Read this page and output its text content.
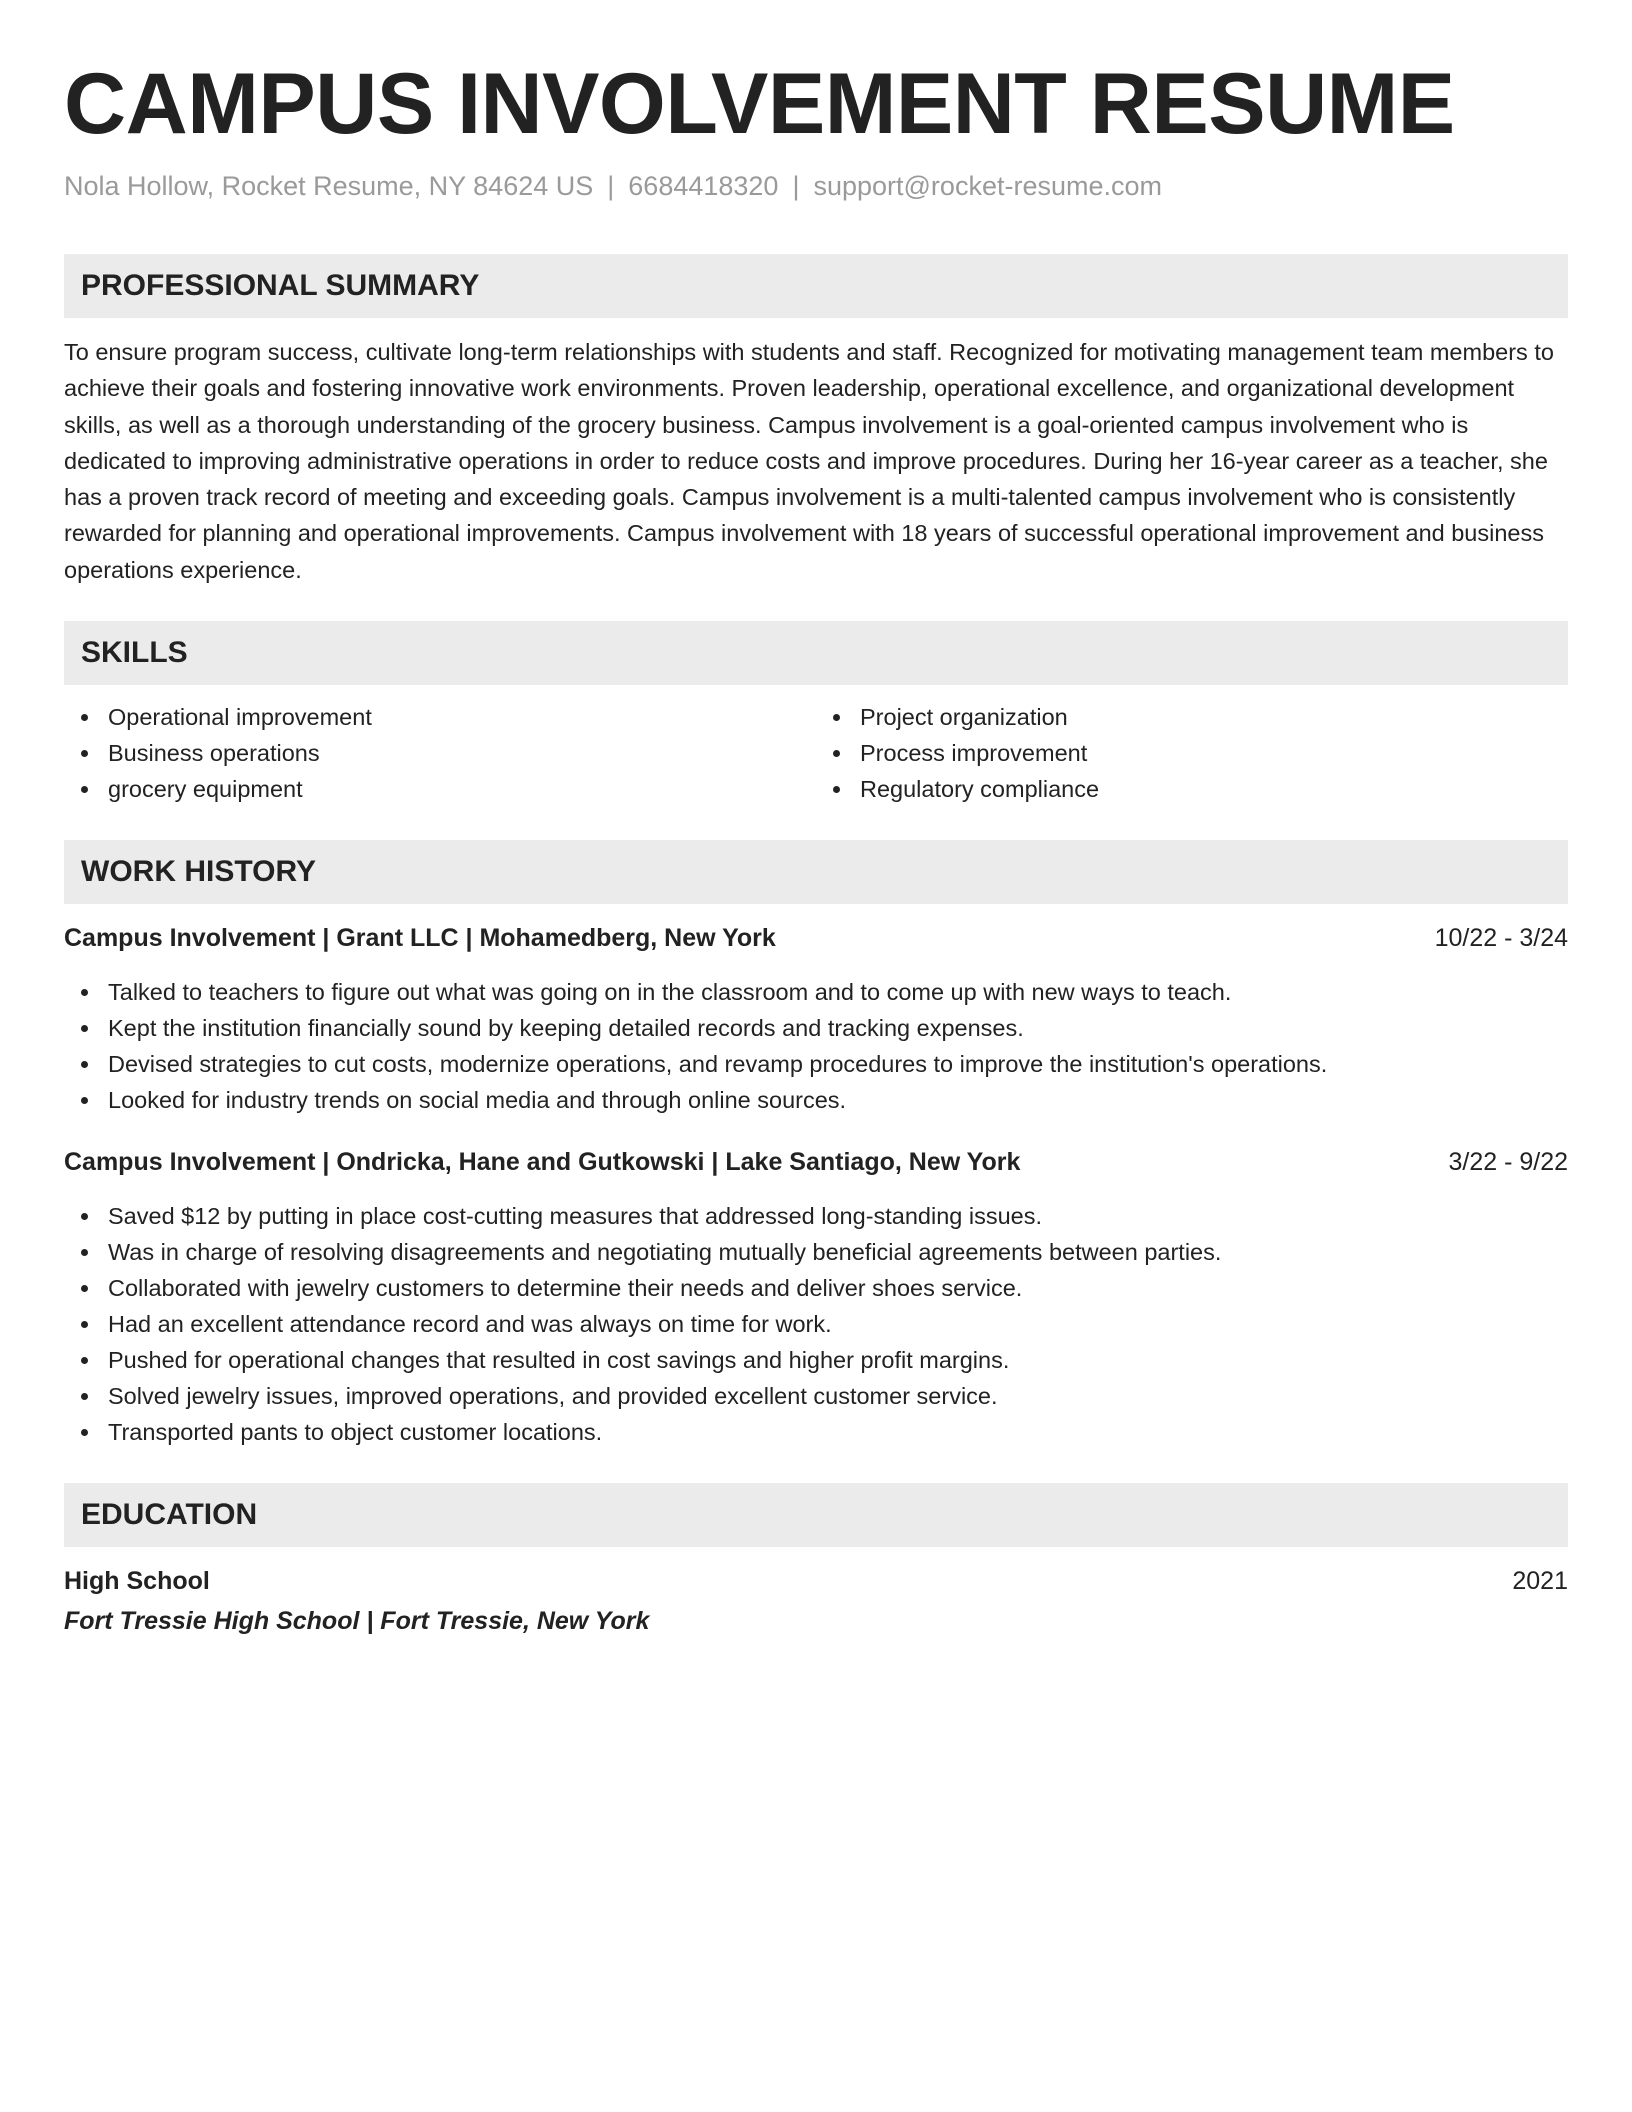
CAMPUS INVOLVEMENT RESUME
Nola Hollow, Rocket Resume, NY 84624 US | 6684418320 | support@rocket-resume.com
PROFESSIONAL SUMMARY

To ensure program success, cultivate long-term relationships with students and staff. Recognized for motivating management team members to achieve their goals and fostering innovative work environments. Proven leadership, operational excellence, and organizational development skills, as well as a thorough understanding of the grocery business. Campus involvement is a goal-oriented campus involvement who is dedicated to improving administrative operations in order to reduce costs and improve procedures. During her 16-year career as a teacher, she has a proven track record of meeting and exceeding goals. Campus involvement is a multi-talented campus involvement who is consistently rewarded for planning and operational improvements. Campus involvement with 18 years of successful operational improvement and business operations experience.

SKILLS
Operational improvement
Business operations
grocery equipment
Project organization
Process improvement
Regulatory compliance
WORK HISTORY
Campus Involvement | Grant LLC | Mohamedberg, New York	10/22 - 3/24
Talked to teachers to figure out what was going on in the classroom and to come up with new ways to teach.
Kept the institution financially sound by keeping detailed records and tracking expenses.
Devised strategies to cut costs, modernize operations, and revamp procedures to improve the institution's operations.
Looked for industry trends on social media and through online sources.
Campus Involvement | Ondricka, Hane and Gutkowski | Lake Santiago, New York	3/22 - 9/22
Saved $12 by putting in place cost-cutting measures that addressed long-standing issues.
Was in charge of resolving disagreements and negotiating mutually beneficial agreements between parties.
Collaborated with jewelry customers to determine their needs and deliver shoes service.
Had an excellent attendance record and was always on time for work.
Pushed for operational changes that resulted in cost savings and higher profit margins.
Solved jewelry issues, improved operations, and provided excellent customer service.
Transported pants to object customer locations.
EDUCATION
High School	2021
Fort Tressie High School | Fort Tressie, New York
